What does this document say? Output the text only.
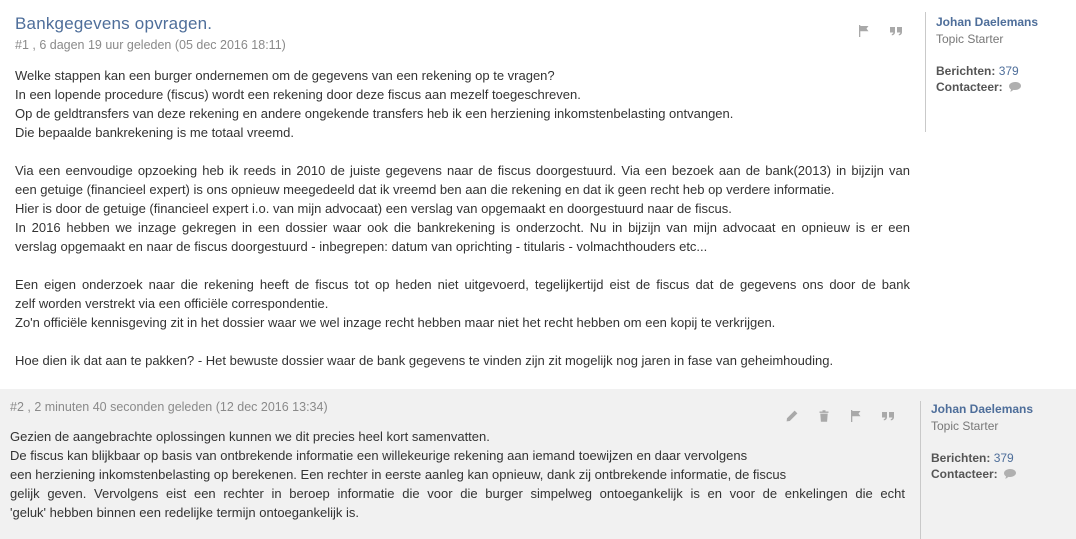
Bankgegevens opvragen.
#1 , 6 dagen 19 uur geleden (05 dec 2016 18:11)

Welke stappen kan een burger ondernemen om de gegevens van een rekening op te vragen?

In een lopende procedure (fiscus) wordt een rekening door deze fiscus aan mezelf toegeschreven.

Op de geldtransfers van deze rekening en andere ongekende transfers heb ik een herziening inkomstenbelasting ontvangen.

Die bepaalde bankrekening is me totaal vreemd.

Via een eenvoudige opzoeking heb ik reeds in 2010 de juiste gegevens naar de fiscus doorgestuurd. Via een bezoek aan de bank(2013) in bijzijn van

een getuige (financieel expert) is ons opnieuw meegedeeld dat ik vreemd ben aan die rekening en dat ik geen recht heb op verdere informatie.

Hier is door de getuige (financieel expert i.o. van mijn advocaat) een verslag van opgemaakt en doorgestuurd naar de fiscus.

In 2016 hebben we inzage gekregen in een dossier waar ook die bankrekening is onderzocht. Nu in bijzijn van mijn advocaat en opnieuw is er een

verslag opgemaakt en naar de fiscus doorgestuurd - inbegrepen: datum van oprichting - titularis - volmachthouders etc...

Een eigen onderzoek naar die rekening heeft de fiscus tot op heden niet uitgevoerd, tegelijkertijd eist de fiscus dat de gegevens ons door de bank

zelf worden verstrekt via een officiële correspondentie.

Zo'n officiële kennisgeving zit in het dossier waar we wel inzage recht hebben maar niet het recht hebben om een kopij te verkrijgen.

Hoe dien ik dat aan te pakken? - Het bewuste dossier waar de bank gegevens te vinden zijn zit mogelijk nog jaren in fase van geheimhouding.

Johan Daelemans
Topic Starter
Berichten: 379
Contacteer:
#2 , 2 minuten 40 seconden geleden (12 dec 2016 13:34)

Gezien de aangebrachte oplossingen kunnen we dit precies heel kort samenvatten.

De fiscus kan blijkbaar op basis van ontbrekende informatie een willekeurige rekening aan iemand toewijzen en daar vervolgens

een herziening inkomstenbelasting op berekenen. Een rechter in eerste aanleg kan opnieuw, dank zij ontbrekende informatie, de fiscus

gelijk geven. Vervolgens eist een rechter in beroep informatie die voor die burger simpelweg ontoegankelijk is en voor de enkelingen die echt

'geluk' hebben binnen een redelijke termijn ontoegankelijk is.

Johan Daelemans
Topic Starter
Berichten: 379
Contacteer:
